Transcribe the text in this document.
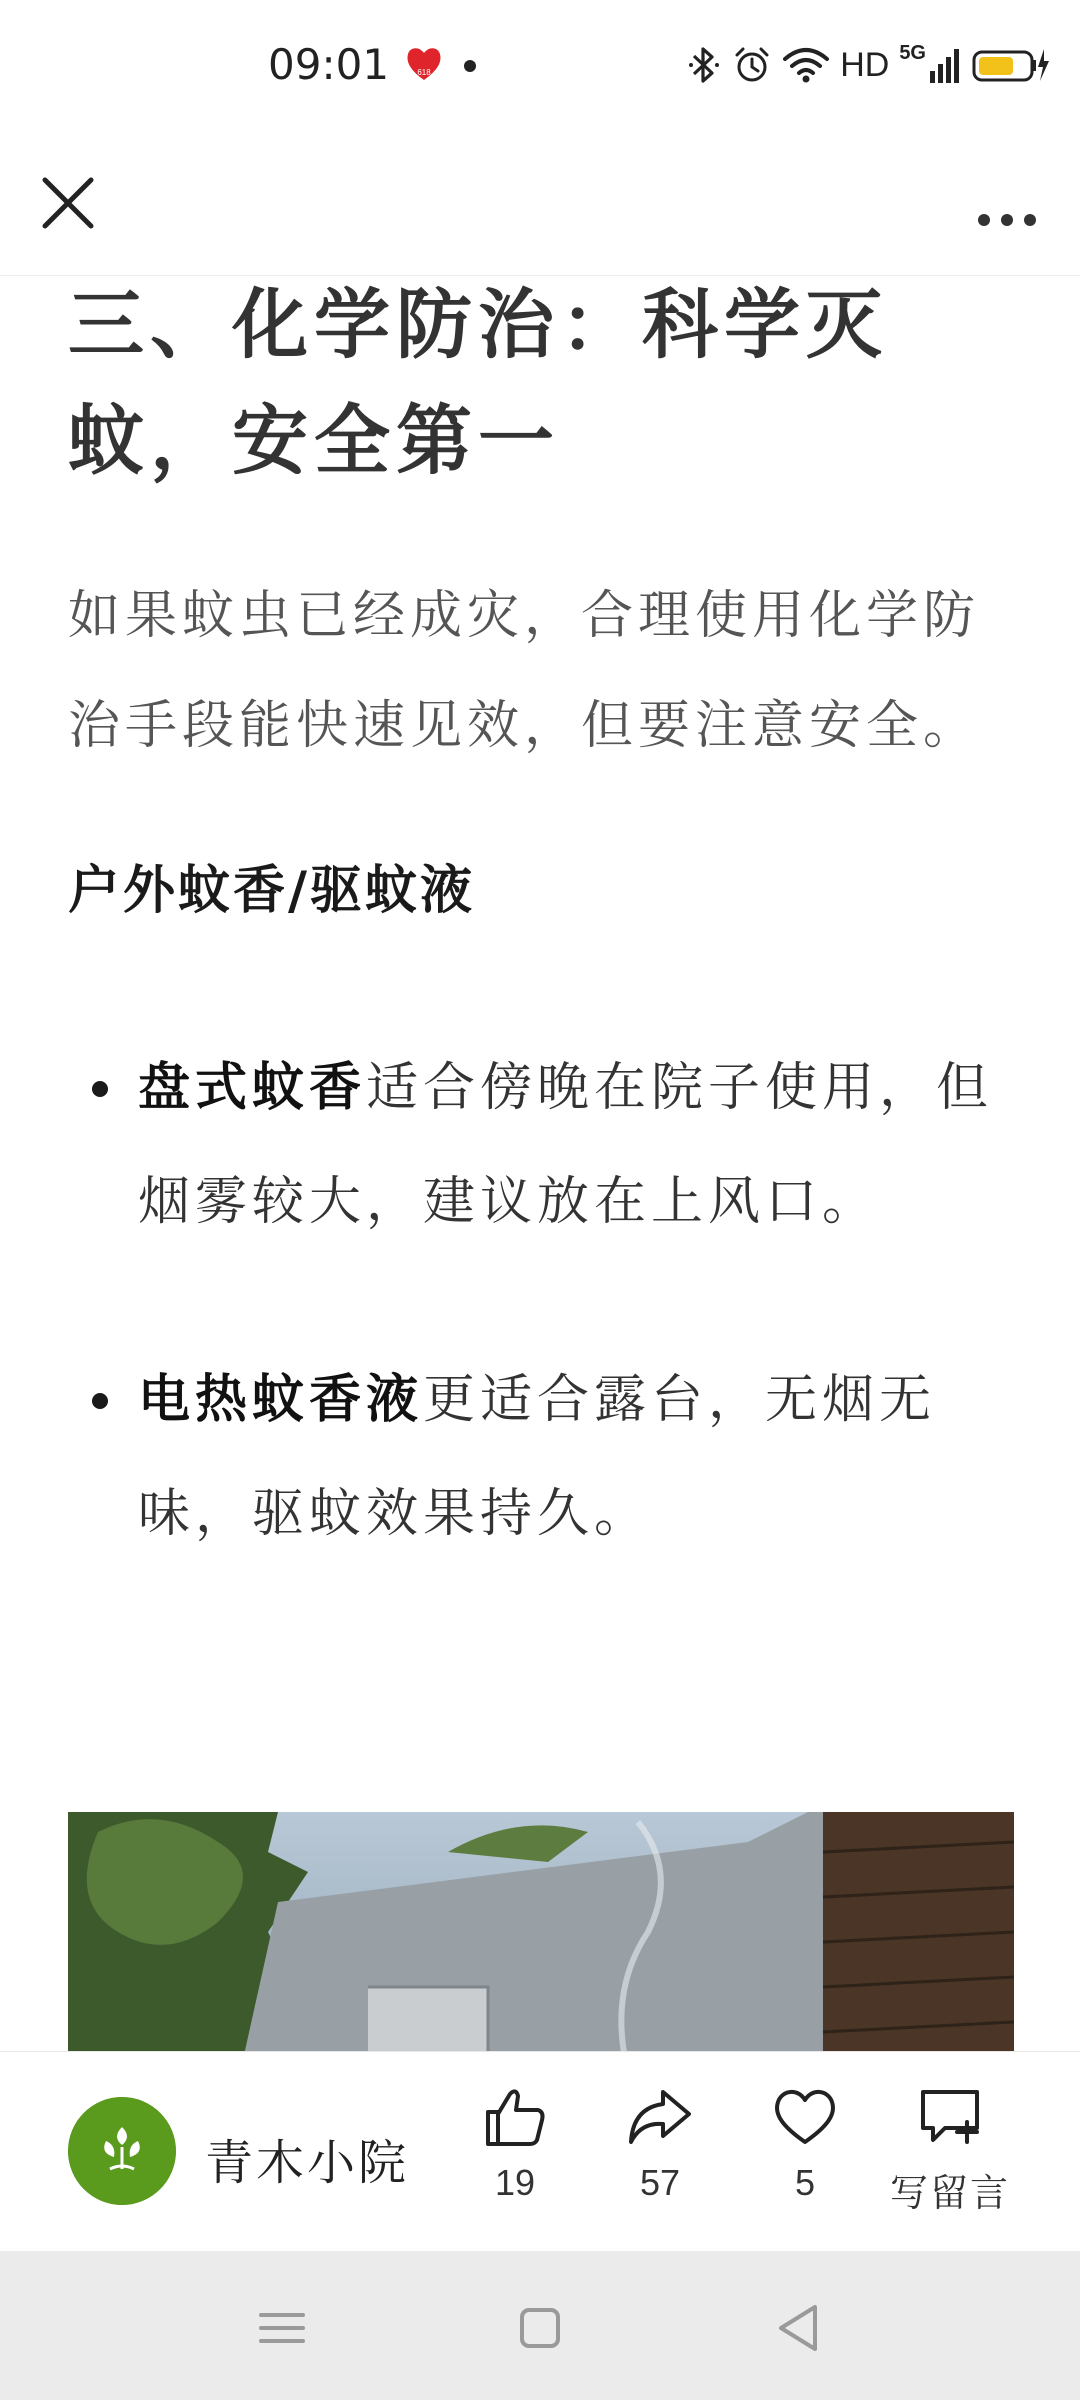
09:01	618	HD 5G
三、化学防治：科学灭蚊，安全第一

如果蚊虫已经成灾，合理使用化学防治手段能快速见效，但要注意安全。

户外蚊香/驱蚊液

盘式蚊香适合傍晚在院子使用，但烟雾较大，建议放在上风口。
电热蚊香液更适合露台，无烟无味，驱蚊效果持久。
青木小院	19	57	5	写留言
